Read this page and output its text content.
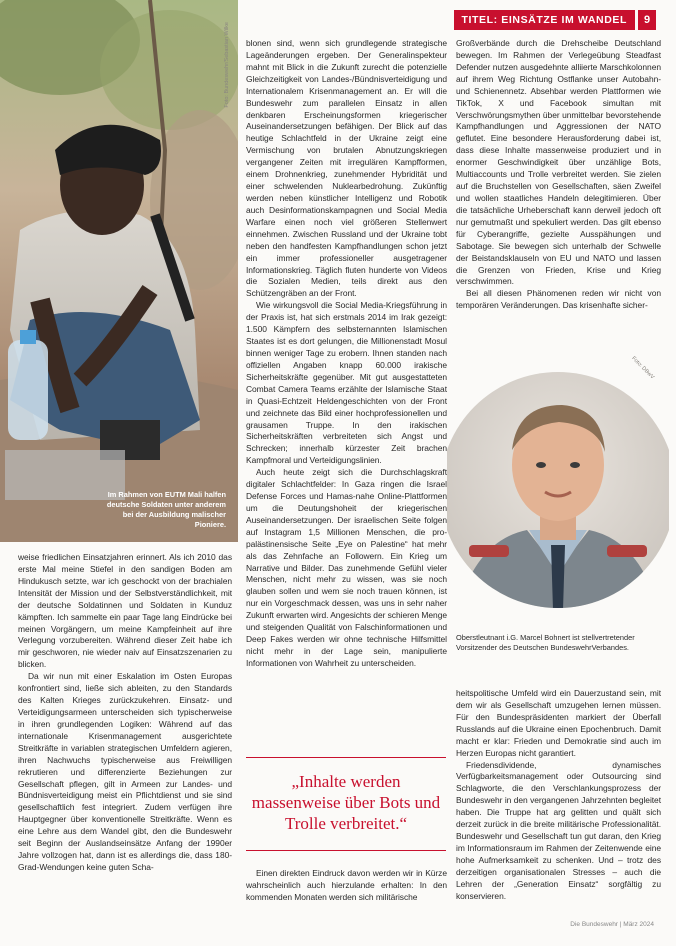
TITEL: EINSÄTZE IM WANDEL	9
Foto: Bundeswehr/Sebastian Wilke
Im Rahmen von EUTM Mali halfen deutsche Soldaten unter anderem bei der Ausbildung malischer Pioniere.

weise friedlichen Einsatzjahren erinnert. Als ich 2010 das erste Mal meine Stiefel in den sandigen Boden am Hindukusch setzte, war ich geschockt von der brachialen Intensität der Mission und der Selbstverständlichkeit, mit der deutsche Soldatinnen und Soldaten in Kunduz kämpften. Ich sammelte ein paar Tage lang Eindrücke bei meinen Vorgängern, um meine Kampfeinheit auf ihre Verlegung vorzubereiten. Während dieser Zeit habe ich mir geschworen, nie wieder naiv auf Einsatzszenarien zu blicken.

Da wir nun mit einer Eskalation im Osten Europas konfrontiert sind, ließe sich ableiten, zu den Standards des Kalten Krieges zurückzukehren. Einsatz- und Verteidigungsarmeen unterscheiden sich typischerweise in ihren grundlegenden Logiken: Während auf das internationale Krisenmanagement ausgerichtete Streitkräfte in variablen strategischen Umfeldern agieren, ihren Nachwuchs typischerweise aus Freiwilligen rekrutieren und differenzierte Beziehungen zur Gesellschaft pflegen, gilt in Armeen zur Landes- und Bündnisverteidigung meist ein Pflichtdienst und sie sind gesellschaftlich fest integriert. Zudem verfügen ihre Hauptgegner über konventionelle Streitkräfte. Wenn es eine Lehre aus dem Wandel gibt, den die Bundeswehr seit Beginn der Auslandseinsätze Anfang der 1990er Jahre vollzogen hat, dann ist es allerdings die, dass 180-Grad-Wendungen keine guten Scha-

blonen sind, wenn sich grundlegende strategische Lageänderungen ergeben. Der Generalinspekteur mahnt mit Blick in die Zukunft zurecht die potenzielle Gleichzeitigkeit von Landes-/Bündnisverteidigung und Internationalem Krisenmanagement an. Er will die Bundeswehr zum parallelen Einsatz in allen denkbaren Erscheinungsformen kriegerischer Auseinandersetzungen befähigen. Der Blick auf das heutige Schlachtfeld in der Ukraine zeigt eine Vermischung von brutalen Abnutzungskriegen vergangener Zeiten mit irregulären Kampfformen, einem Drohnenkrieg, zunehmender Hybridität und einer schwelenden Nuklearbedrohung. Zukünftig werden neben künstlicher Intelligenz und Robotik auch Desinformationskampagnen und Social Media Warfare einen noch viel größeren Stellenwert einnehmen. Zwischen Russland und der Ukraine tobt neben den handfesten Kampfhandlungen schon jetzt ein immer professioneller ausgetragener Informationskrieg. Täglich fluten hunderte von Videos die Sozialen Medien, teils direkt aus den Schützengräben an der Front.

Wie wirkungsvoll die Social Media-Kriegsführung in der Praxis ist, hat sich erstmals 2014 im Irak gezeigt: 1.500 Kämpfern des selbsternannten Islamischen Staates ist es dort gelungen, die Millionenstadt Mosul binnen weniger Tage zu erobern. Ihnen standen nach offiziellen Angaben knapp 60.000 irakische Sicherheitskräfte gegenüber. Mit gut ausgestatteten Combat Camera Teams erzählte der Islamische Staat in Quasi-Echtzeit Heldengeschichten von der Front und zeichnete das Bild einer hochprofessionellen und grausamen Truppe. In den irakischen Sicherheitskräften verbreiteten sich Angst und Schrecken; innerhalb kürzester Zeit brachen Kampfmoral und Verteidigungslinien.

Auch heute zeigt sich die Durchschlagskraft digitaler Schlachtfelder: In Gaza ringen die Israel Defense Forces und Hamas-nahe Online-Plattformen um die Deutungshoheit der kriegerischen Auseinandersetzungen. Der israelischen Seite folgen auf Instagram 1,5 Millionen Menschen, die pro-palästinensische Seite „Eye on Palestine“ hat mehr als das Zehnfache an Followern. Ein Krieg um Narrative und Bilder. Das zunehmende Gefühl vieler Menschen, nicht mehr zu wissen, was sie noch glauben sollen und wem sie noch trauen können, ist nur ein Vorgeschmack dessen, was uns in sehr naher Zukunft erwarten wird. Angesichts der schieren Menge und steigenden Qualität von Falschinformationen und Deep Fakes werden wir ohne technische Hilfsmittel nicht mehr in der Lage sein, manipulierte Informationen von Wahrheit zu unterscheiden.

„Inhalte werden massenweise über Bots und Trolle verbreitet.“

Einen direkten Eindruck davon werden wir in Kürze wahrscheinlich auch hierzulande erhalten: In den kommenden Monaten werden sich militärische

Großverbände durch die Drehscheibe Deutschland bewegen. Im Rahmen der Verlegeübung Steadfast Defender nutzen ausgedehnte alliierte Marschkolonnen auf ihrem Weg Richtung Ostflanke unser Autobahn- und Schienennetz. Absehbar werden Plattformen wie TikTok, X und Facebook simultan mit Verschwörungsmythen über unmittelbar bevorstehende Kampfhandlungen und Aggressionen der NATO geflutet. Eine besondere Herausforderung dabei ist, dass diese Inhalte massenweise produziert und in enormer Geschwindigkeit über unzählige Bots, Multiaccounts und Trolle verbreitet werden. Sie zielen auf die Bruchstellen von Gesellschaften, säen Zweifel und wollen staatliches Handeln delegitimieren. Über die tatsächliche Urheberschaft kann derweil jedoch oft nur gemutmaßt und spekuliert werden. Das gilt ebenso für Cyberangriffe, gezielte Ausspähungen und Sabotage. Sie bewegen sich unterhalb der Schwelle der Beistandsklauseln von EU und NATO und lassen die Grenzen von Frieden, Krise und Krieg verschwimmen.

Bei all diesen Phänomenen reden wir nicht von temporären Veränderungen. Das krisenhafte sicher-

Foto: DBwV
Oberstleutnant i.G. Marcel Bohnert ist stellvertretender Vorsitzender des Deutschen BundeswehrVerbandes.

heitspolitische Umfeld wird ein Dauerzustand sein, mit dem wir als Gesellschaft umzugehen lernen müssen. Für den Bundespräsidenten markiert der Überfall Russlands auf die Ukraine einen Epochenbruch. Damit macht er klar: Frieden und Demokratie sind auch im Herzen Europas nicht garantiert.

Friedensdividende, dynamisches Verfügbarkeitsmanagement oder Outsourcing sind Schlagworte, die den Verschlankungsprozess der Bundeswehr in den vergangenen Jahrzehnten begleitet haben. Die Truppe hat arg gelitten und quält sich derzeit zurück in die breite militärische Professionalität. Bundeswehr und Gesellschaft tun gut daran, den Krieg im Informationsraum im Rahmen der Zeitenwende eine hohe Aufmerksamkeit zu schenken. Und – trotz des derzeitigen organisationalen Stresses – auch die Lehren der „Generation Einsatz“ sorgfältig zu konservieren.

Die Bundeswehr | März 2024
